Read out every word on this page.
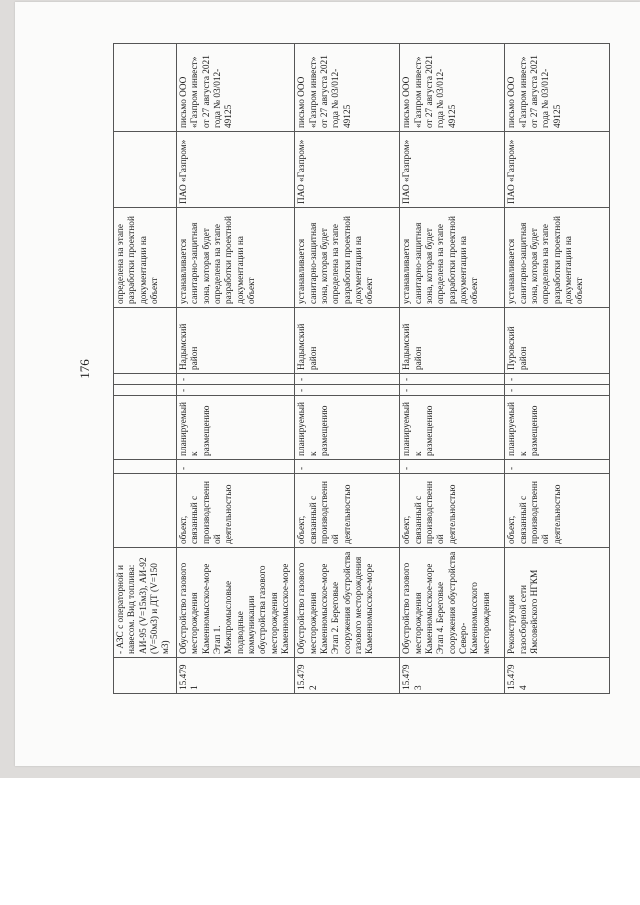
176
	- АЗС с операторной и навесом. Вид топлива: АИ-95 (V=15м3), АИ-92 (V=50м3) и ДТ (V=150 м3)							определена на этапе разработки проектной документации на объект		
15.4791	Обустройство газового месторождения Каменномысское-море Этап 1. Межпромысловые подводные коммуникации обустройства газового месторождения Каменномысское-море	объект, связанный с производственной деятельностью	-	планируемый к размещению	-	-	Надымский район	устанавливается санитарно-защитная зона, которая будет определена на этапе разработки проектной документации на объект	ПАО «Газпром»	письмо ООО «Газпром инвест» от 27 августа 2021 года № 03/012-49125
15.4792	Обустройство газового месторождения Каменномысское-море Этап 2. Береговые сооружения обустройства газового месторождения Каменномысское-море	объект, связанный с производственной деятельностью	-	планируемый к размещению	-	-	Надымский район	устанавливается санитарно-защитная зона, которая будет определена на этапе разработки проектной документации на объект	ПАО «Газпром»	письмо ООО «Газпром инвест» от 27 августа 2021 года № 03/012-49125
15.4793	Обустройство газового месторождения Каменномысское-море Этап 4. Береговые сооружения обустройства Северо-Каменномысского месторождения	объект, связанный с производственной деятельностью	-	планируемый к размещению	-	-	Надымский район	устанавливается санитарно-защитная зона, которая будет определена на этапе разработки проектной документации на объект	ПАО «Газпром»	письмо ООО «Газпром инвест» от 27 августа 2021 года № 03/012-49125
15.4794	Реконструкция газосборной сети Ямсовейского НГКМ	объект, связанный с производственной деятельностью	-	планируемый к размещению	-	-	Пуровский район	устанавливается санитарно-защитная зона, которая будет определена на этапе разработки проектной документации на объект	ПАО «Газпром»	письмо ООО «Газпром инвест» от 27 августа 2021 года № 03/012-49125
